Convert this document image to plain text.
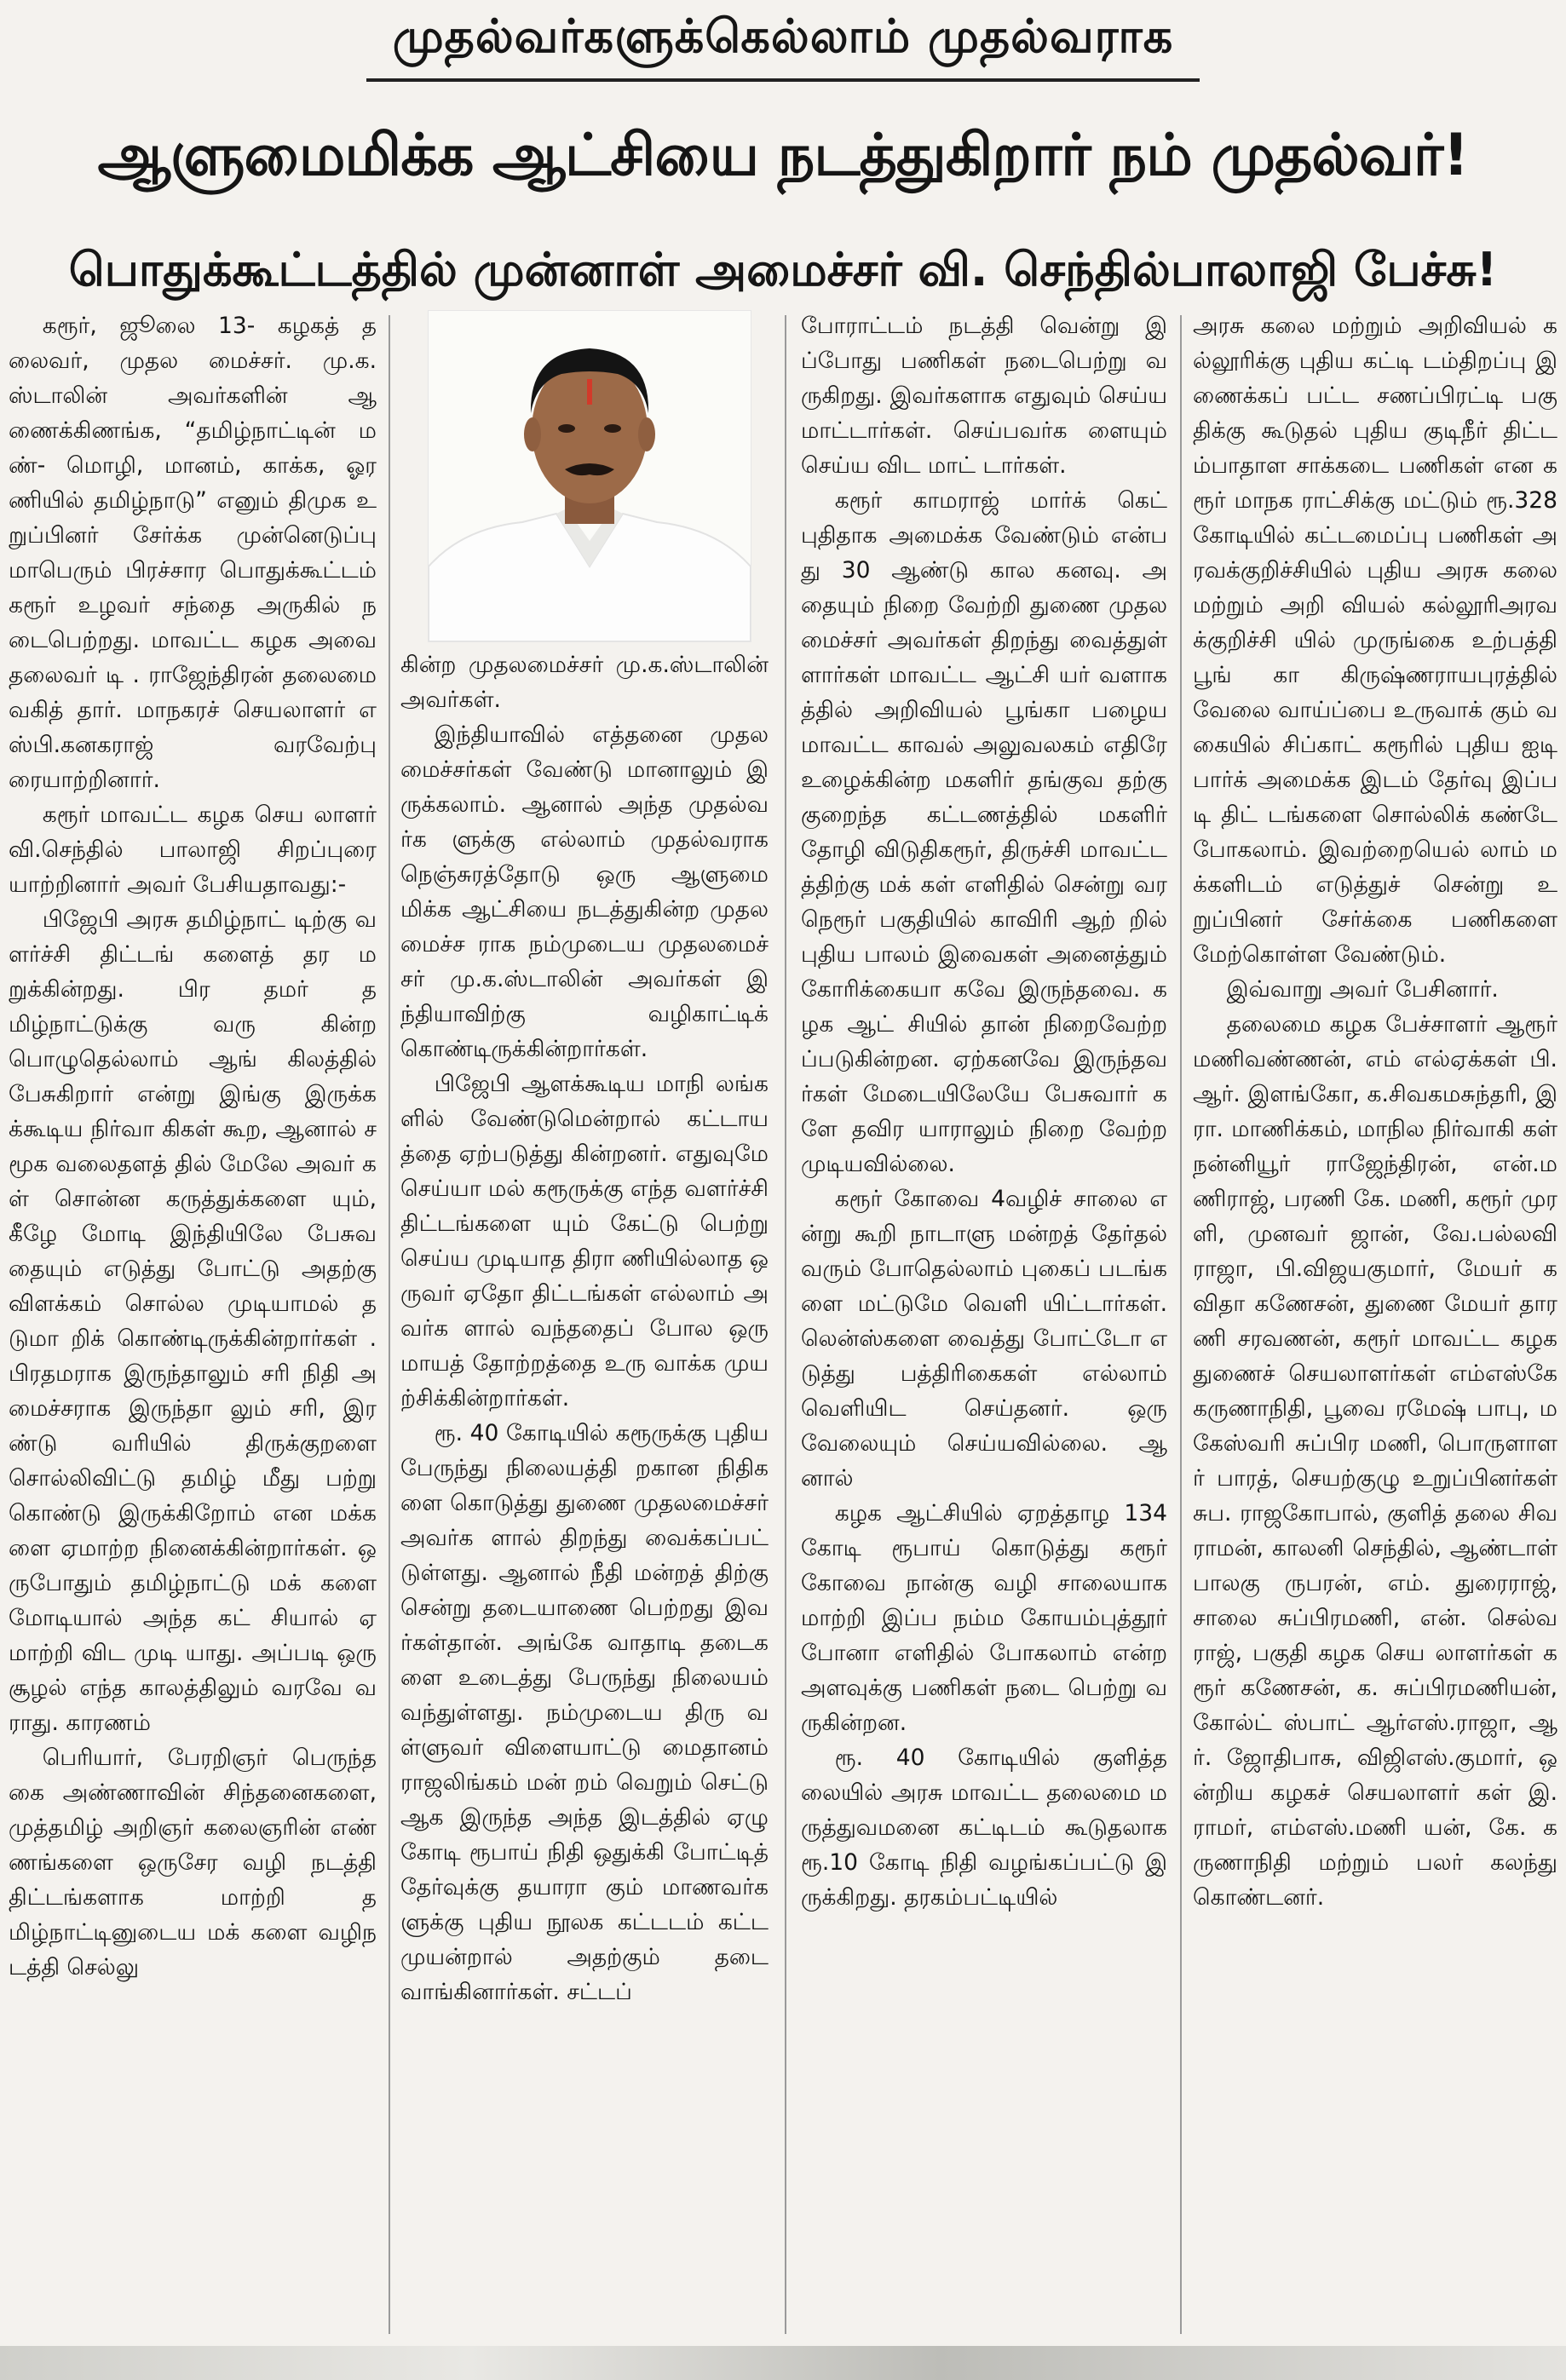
முதல்வர்களுக்கெல்லாம் முதல்வராக
ஆளுமைமிக்க ஆட்சியை நடத்துகிறார் நம் முதல்வர்!
பொதுக்கூட்டத்தில் முன்னாள் அமைச்சர் வி. செந்தில்பாலாஜி பேச்சு!

கரூர், ஜூலை 13- கழகத் தலைவர், முதல மைச்சர். மு.க.ஸ்டாலின் அவர்களின் ஆணைக்கிணங்க, “தமிழ்நாட்டின் மண்- மொழி, மானம், காக்க, ஓர ணியில் தமிழ்நாடு” எனும் திமுக உறுப்பினர் சேர்க்க முன்னெடுப்பு மாபெரும் பிரச்சார பொதுக்கூட்டம் கரூர் உழவர் சந்தை அருகில் நடைபெற்றது. மாவட்ட கழக அவை தலைவர் டி . ராஜேந்திரன் தலைமை வகித் தார். மாநகரச் செயலாளர் எஸ்பி.கனகராஜ் வரவேற்பு ரையாற்றினார்.

கரூர் மாவட்ட கழக செய லாளர் வி.செந்தில் பாலாஜி சிறப்புரை யாற்றினார் அவர் பேசியதாவது:-

பிஜேபி அரசு தமிழ்நாட் டிற்கு வளர்ச்சி திட்டங் களைத் தர மறுக்கின்றது. பிர தமர் தமிழ்நாட்டுக்கு வரு கின்ற பொழுதெல்லாம் ஆங் கிலத்தில் பேசுகிறார் என்று இங்கு இருக்கக்கூடிய நிர்வா கிகள் கூற, ஆனால் சமூக வலைதளத் தில் மேலே அவர் கள் சொன்ன கருத்துக்களை யும், கீழே மோடி இந்தியிலே பேசுவதையும் எடுத்து போட்டு அதற்கு விளக்கம் சொல்ல முடியாமல் தடுமா றிக் கொண்டிருக்கின்றார்கள் . பிரதமராக இருந்தாலும் சரி நிதி அமைச்சராக இருந்தா லும் சரி, இரண்டு வரியில் திருக்குறளை சொல்லிவிட்டு தமிழ் மீது பற்று கொண்டு இருக்கிறோம் என மக்களை ஏமாற்ற நினைக்கின்றார்கள். ஒருபோதும் தமிழ்நாட்டு மக் களை மோடியால் அந்த கட் சியால் ஏமாற்றி விட முடி யாது. அப்படி ஒரு சூழல் எந்த காலத்திலும் வரவே வராது. காரணம்

பெரியார், பேரறிஞர் பெருந்தகை அண்ணாவின் சிந்தனைகளை, முத்தமிழ் அறிஞர் கலைஞரின் எண் ணங்களை ஒருசேர வழி நடத்தி திட்டங்களாக மாற்றி தமிழ்நாட்டினுடைய மக் களை வழிநடத்தி செல்லு

கின்ற முதலமைச்சர் மு.க.ஸ்டாலின் அவர்கள்.

இந்தியாவில் எத்தனை முதலமைச்சர்கள் வேண்டு மானாலும் இருக்கலாம். ஆனால் அந்த முதல்வர்க ளுக்கு எல்லாம் முதல்வராக நெஞ்சுரத்தோடு ஒரு ஆளுமை மிக்க ஆட்சியை நடத்துகின்ற முதலமைச்ச ராக நம்முடைய முதலமைச் சர் மு.க.ஸ்டாலின் அவர்கள் இந்தியாவிற்கு வழிகாட்டிக் கொண்டிருக்கின்றார்கள்.

பிஜேபி ஆளக்கூடிய மாநி லங்களில் வேண்டுமென்றால் கட்டாயத்தை ஏற்படுத்து கின்றனர். எதுவுமே செய்யா மல் கரூருக்கு எந்த வளர்ச்சி திட்டங்களை யும் கேட்டு பெற்று செய்ய முடியாத திரா ணியில்லாத ஒருவர் ஏதோ திட்டங்கள் எல்லாம் அவர்க ளால் வந்ததைப் போல ஒரு மாயத் தோற்றத்தை உரு வாக்க முயற்சிக்கின்றார்கள்.

ரூ. 40 கோடியில் கரூருக்கு புதிய பேருந்து நிலையத்தி றகான நிதிகளை கொடுத்து துணை முதலமைச்சர் அவர்க ளால் திறந்து வைக்கப்பட் டுள்ளது. ஆனால் நீதி மன்றத் திற்கு சென்று தடையாணை பெற்றது இவர்கள்தான். அங்கே வாதாடி தடைகளை உடைத்து பேருந்து நிலையம் வந்துள்ளது. நம்முடைய திரு வள்ளுவர் விளையாட்டு மைதானம் ராஜலிங்கம் மன் றம் வெறும் செட்டு ஆக இருந்த அந்த இடத்தில் ஏழு கோடி ரூபாய் நிதி ஒதுக்கி போட்டித் தேர்வுக்கு தயாரா கும் மாணவர்களுக்கு புதிய நூலக கட்டடம் கட்ட முயன்றால் அதற்கும் தடை வாங்கினார்கள். சட்டப்

போராட்டம் நடத்தி வென்று இப்போது பணிகள் நடைபெற்று வருகிறது. இவர்களாக எதுவும் செய்ய மாட்டார்கள். செய்பவர்க ளையும் செய்ய விட மாட் டார்கள்.

கரூர் காமராஜ் மார்க் கெட் புதிதாக அமைக்க வேண்டும் என்பது 30 ஆண்டு கால கனவு. அதையும் நிறை வேற்றி துணை முதலமைச்சர் அவர்கள் திறந்து வைத்துள் ளார்கள் மாவட்ட ஆட்சி யர் வளாகத்தில் அறிவியல் பூங்கா பழைய மாவட்ட காவல் அலுவலகம் எதிரே உழைக்கின்ற மகளிர் தங்குவ தற்கு குறைந்த கட்டணத்தில் மகளிர் தோழி விடுதிகரூர், திருச்சி மாவட்டத்திற்கு மக் கள் எளிதில் சென்று வர நெரூர் பகுதியில் காவிரி ஆற் றில் புதிய பாலம் இவைகள் அனைத்தும் கோரிக்கையா கவே இருந்தவை. கழக ஆட் சியில் தான் நிறைவேற்றப்படுகின்றன. ஏற்கனவே இருந்தவர்கள் மேடையிலேயே பேசுவார் களே தவிர யாராலும் நிறை வேற்ற முடியவில்லை.

கரூர் கோவை 4வழிச் சாலை என்று கூறி நாடாளு மன்றத் தேர்தல் வரும் போதெல்லாம் புகைப் படங்களை மட்டுமே வெளி யிட்டார்கள். லென்ஸ்களை வைத்து போட்டோ எடுத்து பத்திரிகைகள் எல்லாம் வெளியிட செய்தனர். ஒரு வேலையும் செய்யவில்லை. ஆனால்

கழக ஆட்சியில் ஏறத்தாழ 134 கோடி ரூபாய் கொடுத்து கரூர் கோவை நான்கு வழி சாலையாக மாற்றி இப்ப நம்ம கோயம்புத்தூர் போனா எளிதில் போகலாம் என்ற அளவுக்கு பணிகள் நடை பெற்று வருகின்றன.

ரூ. 40 கோடியில் குளித்த லையில் அரசு மாவட்ட தலைமை மருத்துவமனை கட்டிடம் கூடுதலாக ரூ.10 கோடி நிதி வழங்கப்பட்டு இருக்கிறது. தரகம்பட்டியில்

அரசு கலை மற்றும் அறிவியல் கல்லூரிக்கு புதிய கட்டி டம்திறப்பு இணைக்கப் பட்ட சணப்பிரட்டி பகு திக்கு கூடுதல் புதிய குடிநீர் திட்டம்பாதாள சாக்கடை பணிகள் என கரூர் மாநக ராட்சிக்கு மட்டும் ரூ.328 கோடியில் கட்டமைப்பு பணிகள் அரவக்குறிச்சியில் புதிய அரசு கலை மற்றும் அறி வியல் கல்லூரிஅரவக்குறிச்சி யில் முருங்கை உற்பத்தி பூங் கா கிருஷ்ணராயபுரத்தில் வேலை வாய்ப்பை உருவாக் கும் வகையில் சிப்காட் கரூரில் புதிய ஐடி பார்க் அமைக்க இடம் தேர்வு இப்படி திட் டங்களை சொல்லிக் கண்டே போகலாம். இவற்றையெல் லாம் மக்களிடம் எடுத்துச் சென்று உறுப்பினர் சேர்க்கை பணிகளை மேற்கொள்ள வேண்டும்.

இவ்வாறு அவர் பேசினார்.

தலைமை கழக பேச்சாளர் ஆரூர் மணிவண்ணன், எம் எல்ஏக்கள் பி.ஆர். இளங்கோ, க.சிவகமசுந்தரி, இரா. மாணிக்கம், மாநில நிர்வாகி கள் நன்னியூர் ராஜேந்திரன், என்.மணிராஜ், பரணி கே. மணி, கரூர் முரளி, முனவர் ஜான், வே.பல்லவி ராஜா, பி.விஜயகுமார், மேயர் கவிதா கணேசன், துணை மேயர் தாரணி சரவணன், கரூர் மாவட்ட கழக துணைச் செயலாளர்கள் எம்எஸ்கே கருணாநிதி, பூவை ரமேஷ் பாபு, மகேஸ்வரி சுப்பிர மணி, பொருளாளர் பாரத், செயற்குழு உறுப்பினர்கள் சுப. ராஜகோபால், குளித் தலை சிவராமன், காலனி செந்தில், ஆண்டாள் பாலகு ருபரன், எம். துரைராஜ், சாலை சுப்பிரமணி, என். செல்வராஜ், பகுதி கழக செய லாளர்கள் கரூர் கணேசன், க. சுப்பிரமணியன், கோல்ட் ஸ்பாட் ஆர்எஸ்.ராஜா, ஆர். ஜோதிபாசு, விஜிஎஸ்.குமார், ஒன்றிய கழகச் செயலாளர் கள் இ.ராமர், எம்எஸ்.மணி யன், கே. கருணாநிதி மற்றும் பலர் கலந்து கொண்டனர்.
